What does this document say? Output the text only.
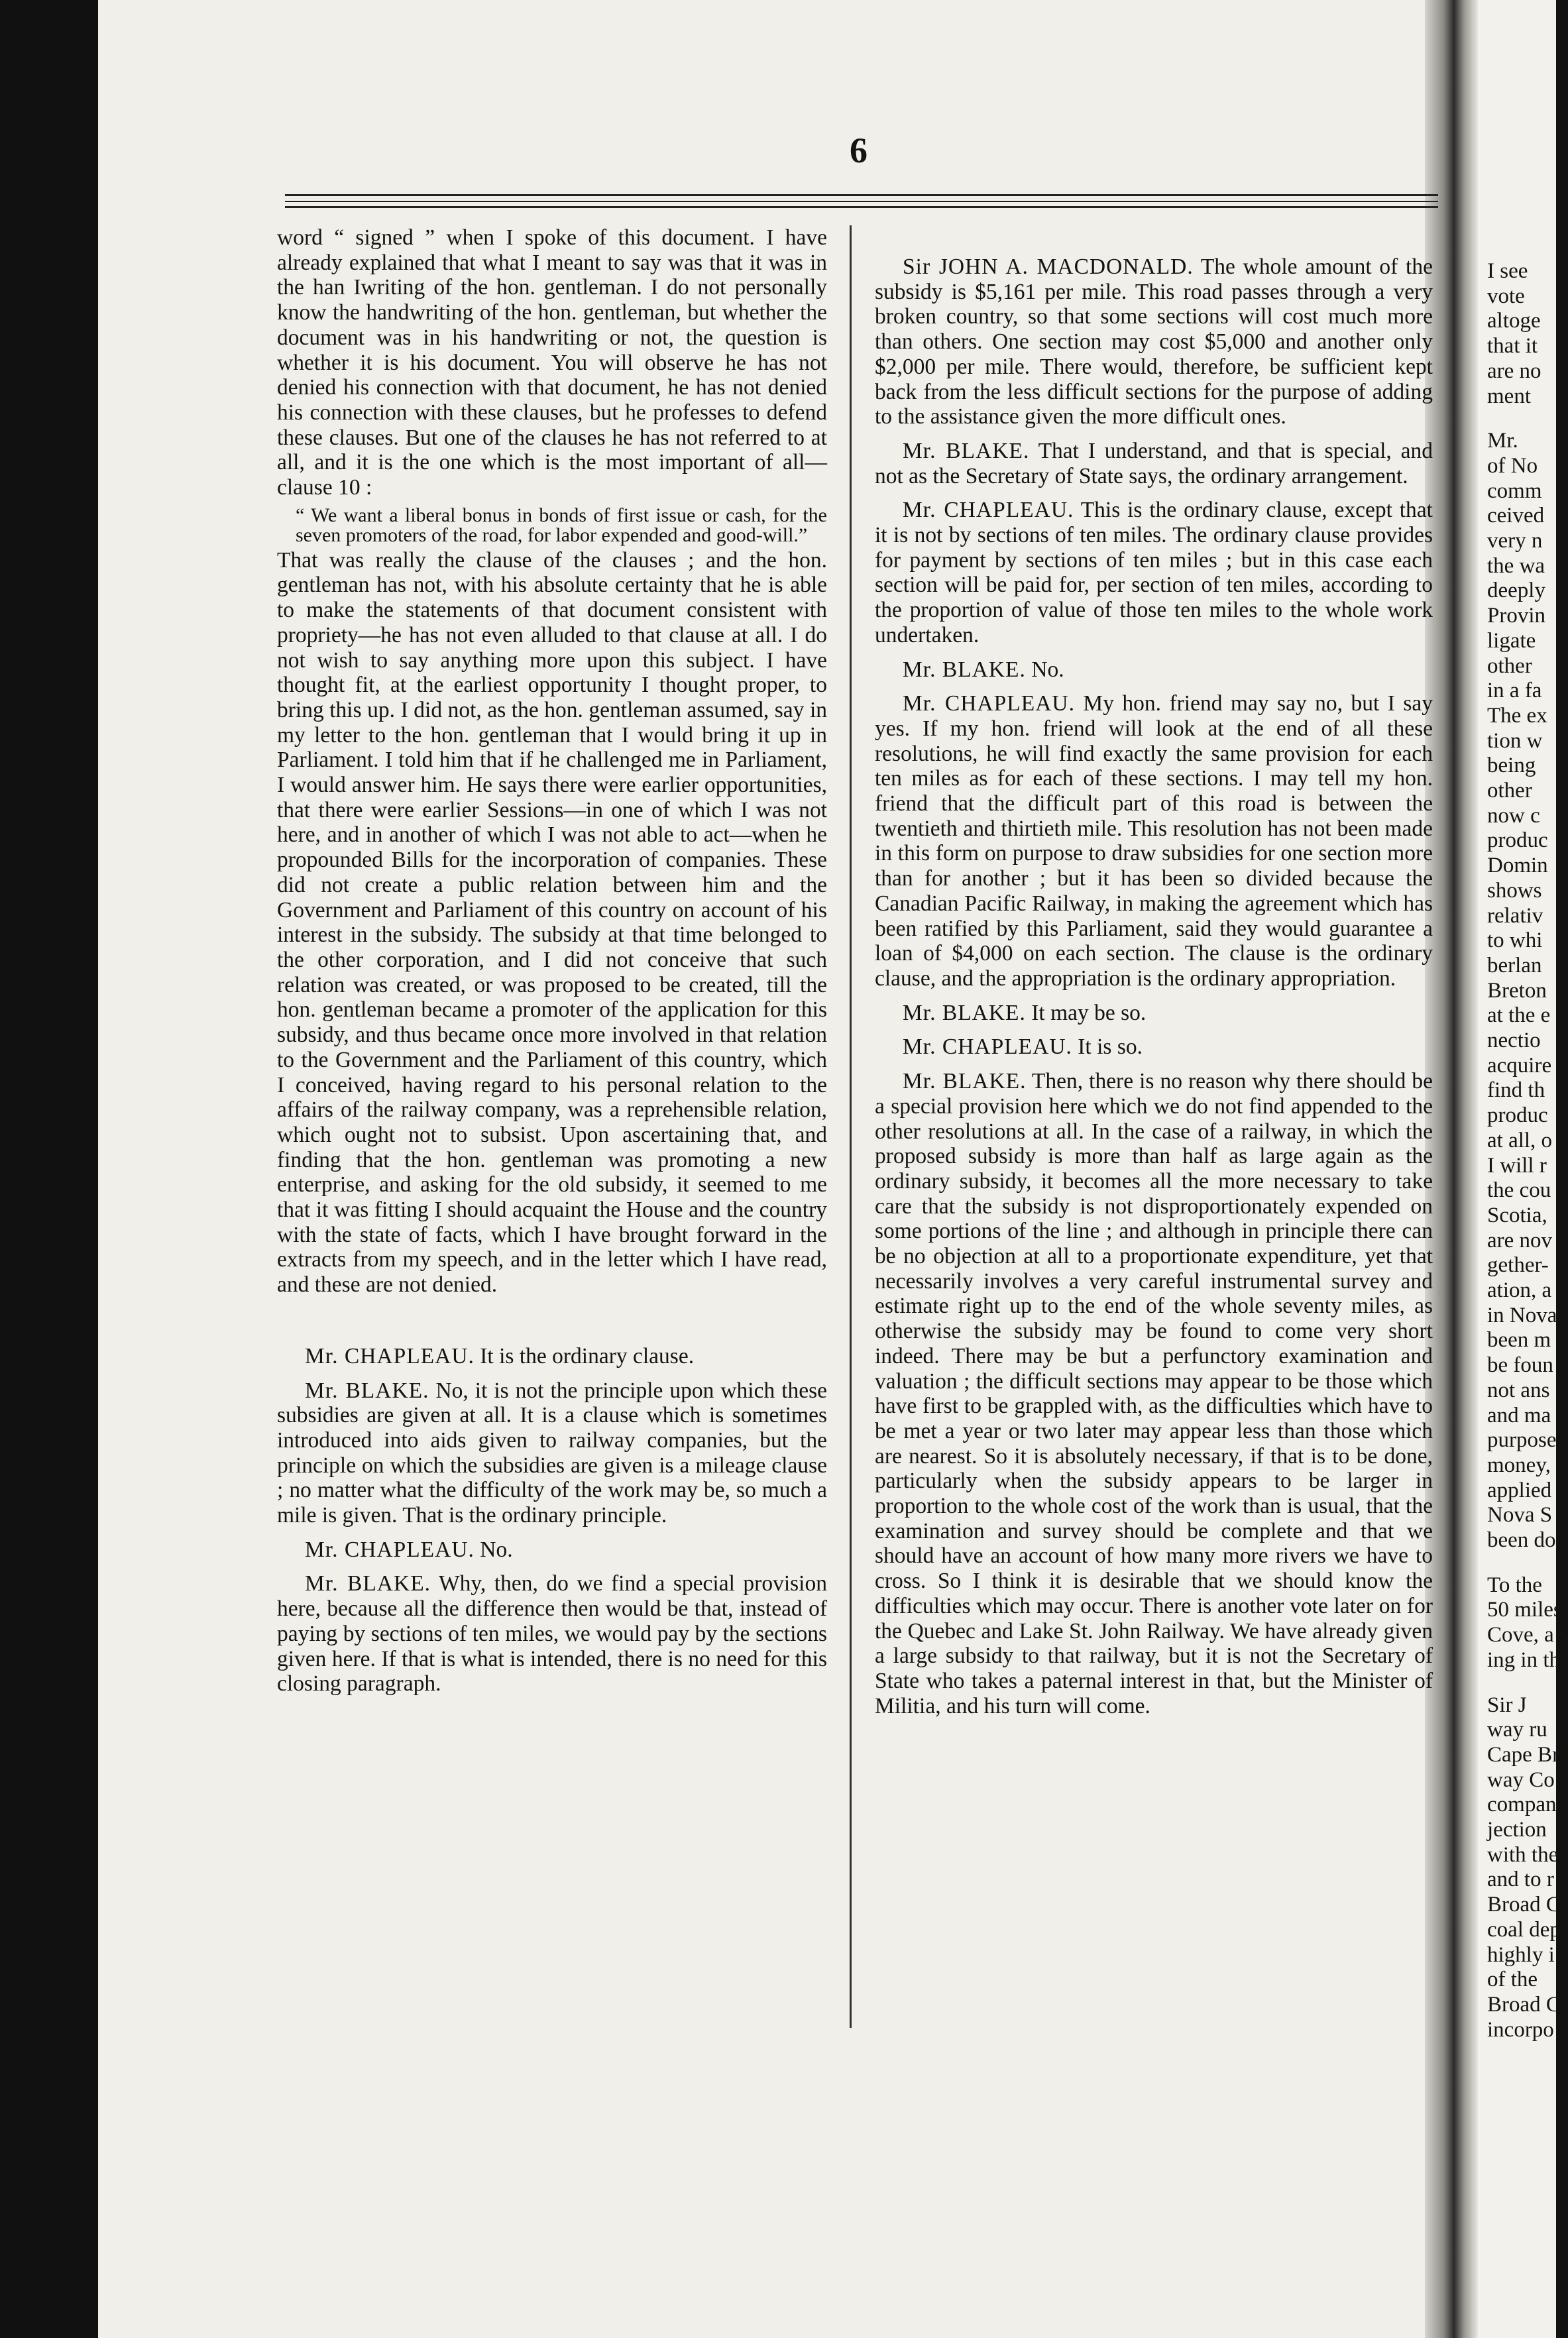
I see
vote
altoge
that it
are no
ment
Mr.
of No
comm
ceived
very n
the wa
deeply
Provin
ligate
other
in a fa
The ex
tion w
being
other
now c
produc
Domin
shows
relativ
to whi
berlan
Breton
at the e
nectio
acquire
find th
produc
at all, o
I will r
the cou
Scotia,
are nov
gether-
ation, a
in Nova
been m
be foun
not ans
and ma
purpose
money,
applied
Nova S
been do
To the
50 miles
Cove, a s
ing in th
Sir J
way ru
Cape Br
way Co
compan
jection
with the
and to r
Broad C
coal dep
highly i
of the
Broad C
incorpo
6

word “ signed ” when I spoke of this document. I have already explained that what I meant to say was that it was in the han Iwriting of the hon. gentleman. I do not personally know the handwriting of the hon. gentleman, but whether the document was in his handwriting or not, the question is whether it is his document. You will observe he has not denied his connection with that document, he has not denied his connection with these clauses, but he professes to defend these clauses. But one of the clauses he has not referred to at all, and it is the one which is the most important of all— clause 10 :

“ We want a liberal bonus in bonds of first issue or cash, for the seven promoters of the road, for labor expended and good-will.”

That was really the clause of the clauses ; and the hon. gentleman has not, with his absolute certainty that he is able to make the statements of that document consistent with propriety—he has not even alluded to that clause at all. I do not wish to say anything more upon this subject. I have thought fit, at the earliest opportunity I thought proper, to bring this up. I did not, as the hon. gentleman assumed, say in my letter to the hon. gentleman that I would bring it up in Parliament. I told him that if he challenged me in Parliament, I would answer him. He says there were earlier opportunities, that there were earlier Sessions—in one of which I was not here, and in another of which I was not able to act—when he propounded Bills for the incorporation of companies. These did not create a public relation between him and the Government and Parliament of this country on account of his interest in the subsidy. The subsidy at that time belonged to the other corporation, and I did not conceive that such relation was created, or was proposed to be created, till the hon. gentleman became a promoter of the application for this subsidy, and thus became once more involved in that relation to the Government and the Parliament of this country, which I conceived, having regard to his personal relation to the affairs of the railway company, was a reprehensible relation, which ought not to subsist. Upon ascertaining that, and finding that the hon. gentleman was promoting a new enterprise, and asking for the old subsidy, it seemed to me that it was fitting I should acquaint the House and the country with the state of facts, which I have brought forward in the extracts from my speech, and in the letter which I have read, and these are not denied.

Mr. CHAPLEAU. It is the ordinary clause.

Mr. BLAKE. No, it is not the principle upon which these subsidies are given at all. It is a clause which is sometimes introduced into aids given to railway companies, but the principle on which the subsidies are given is a mileage clause ; no matter what the difficulty of the work may be, so much a mile is given. That is the ordinary principle.

Mr. CHAPLEAU. No.

Mr. BLAKE. Why, then, do we find a special provision here, because all the difference then would be that, instead of paying by sections of ten miles, we would pay by the sections given here. If that is what is intended, there is no need for this closing paragraph.

Sir JOHN A. MACDONALD. The whole amount of the subsidy is $5,161 per mile. This road passes through a very broken country, so that some sections will cost much more than others. One section may cost $5,000 and another only $2,000 per mile. There would, therefore, be sufficient kept back from the less difficult sections for the purpose of adding to the assistance given the more difficult ones.

Mr. BLAKE. That I understand, and that is special, and not as the Secretary of State says, the ordinary arrangement.

Mr. CHAPLEAU. This is the ordinary clause, except that it is not by sections of ten miles. The ordinary clause provides for payment by sections of ten miles ; but in this case each section will be paid for, per section of ten miles, according to the proportion of value of those ten miles to the whole work undertaken.

Mr. BLAKE. No.

Mr. CHAPLEAU. My hon. friend may say no, but I say yes. If my hon. friend will look at the end of all these resolutions, he will find exactly the same provision for each ten miles as for each of these sections. I may tell my hon. friend that the difficult part of this road is between the twentieth and thirtieth mile. This resolution has not been made in this form on purpose to draw subsidies for one section more than for another ; but it has been so divided because the Canadian Pacific Railway, in making the agreement which has been ratified by this Parliament, said they would guarantee a loan of $4,000 on each section. The clause is the ordinary clause, and the appropriation is the ordinary appropriation.

Mr. BLAKE. It may be so.

Mr. CHAPLEAU. It is so.

Mr. BLAKE. Then, there is no reason why there should be a special provision here which we do not find appended to the other resolutions at all. In the case of a railway, in which the proposed subsidy is more than half as large again as the ordinary subsidy, it becomes all the more necessary to take care that the subsidy is not disproportionately expended on some portions of the line ; and although in principle there can be no objection at all to a proportionate expenditure, yet that necessarily involves a very careful instrumental survey and estimate right up to the end of the whole seventy miles, as otherwise the subsidy may be found to come very short indeed. There may be but a perfunctory examination and valuation ; the difficult sections may appear to be those which have first to be grappled with, as the difficulties which have to be met a year or two later may appear less than those which are nearest. So it is absolutely necessary, if that is to be done, particularly when the subsidy appears to be larger in proportion to the whole cost of the work than is usual, that the examination and survey should be complete and that we should have an account of how many more rivers we have to cross. So I think it is desirable that we should know the difficulties which may occur. There is another vote later on for the Quebec and Lake St. John Railway. We have already given a large subsidy to that railway, but it is not the Secretary of State who takes a paternal interest in that, but the Minister of Militia, and his turn will come.
